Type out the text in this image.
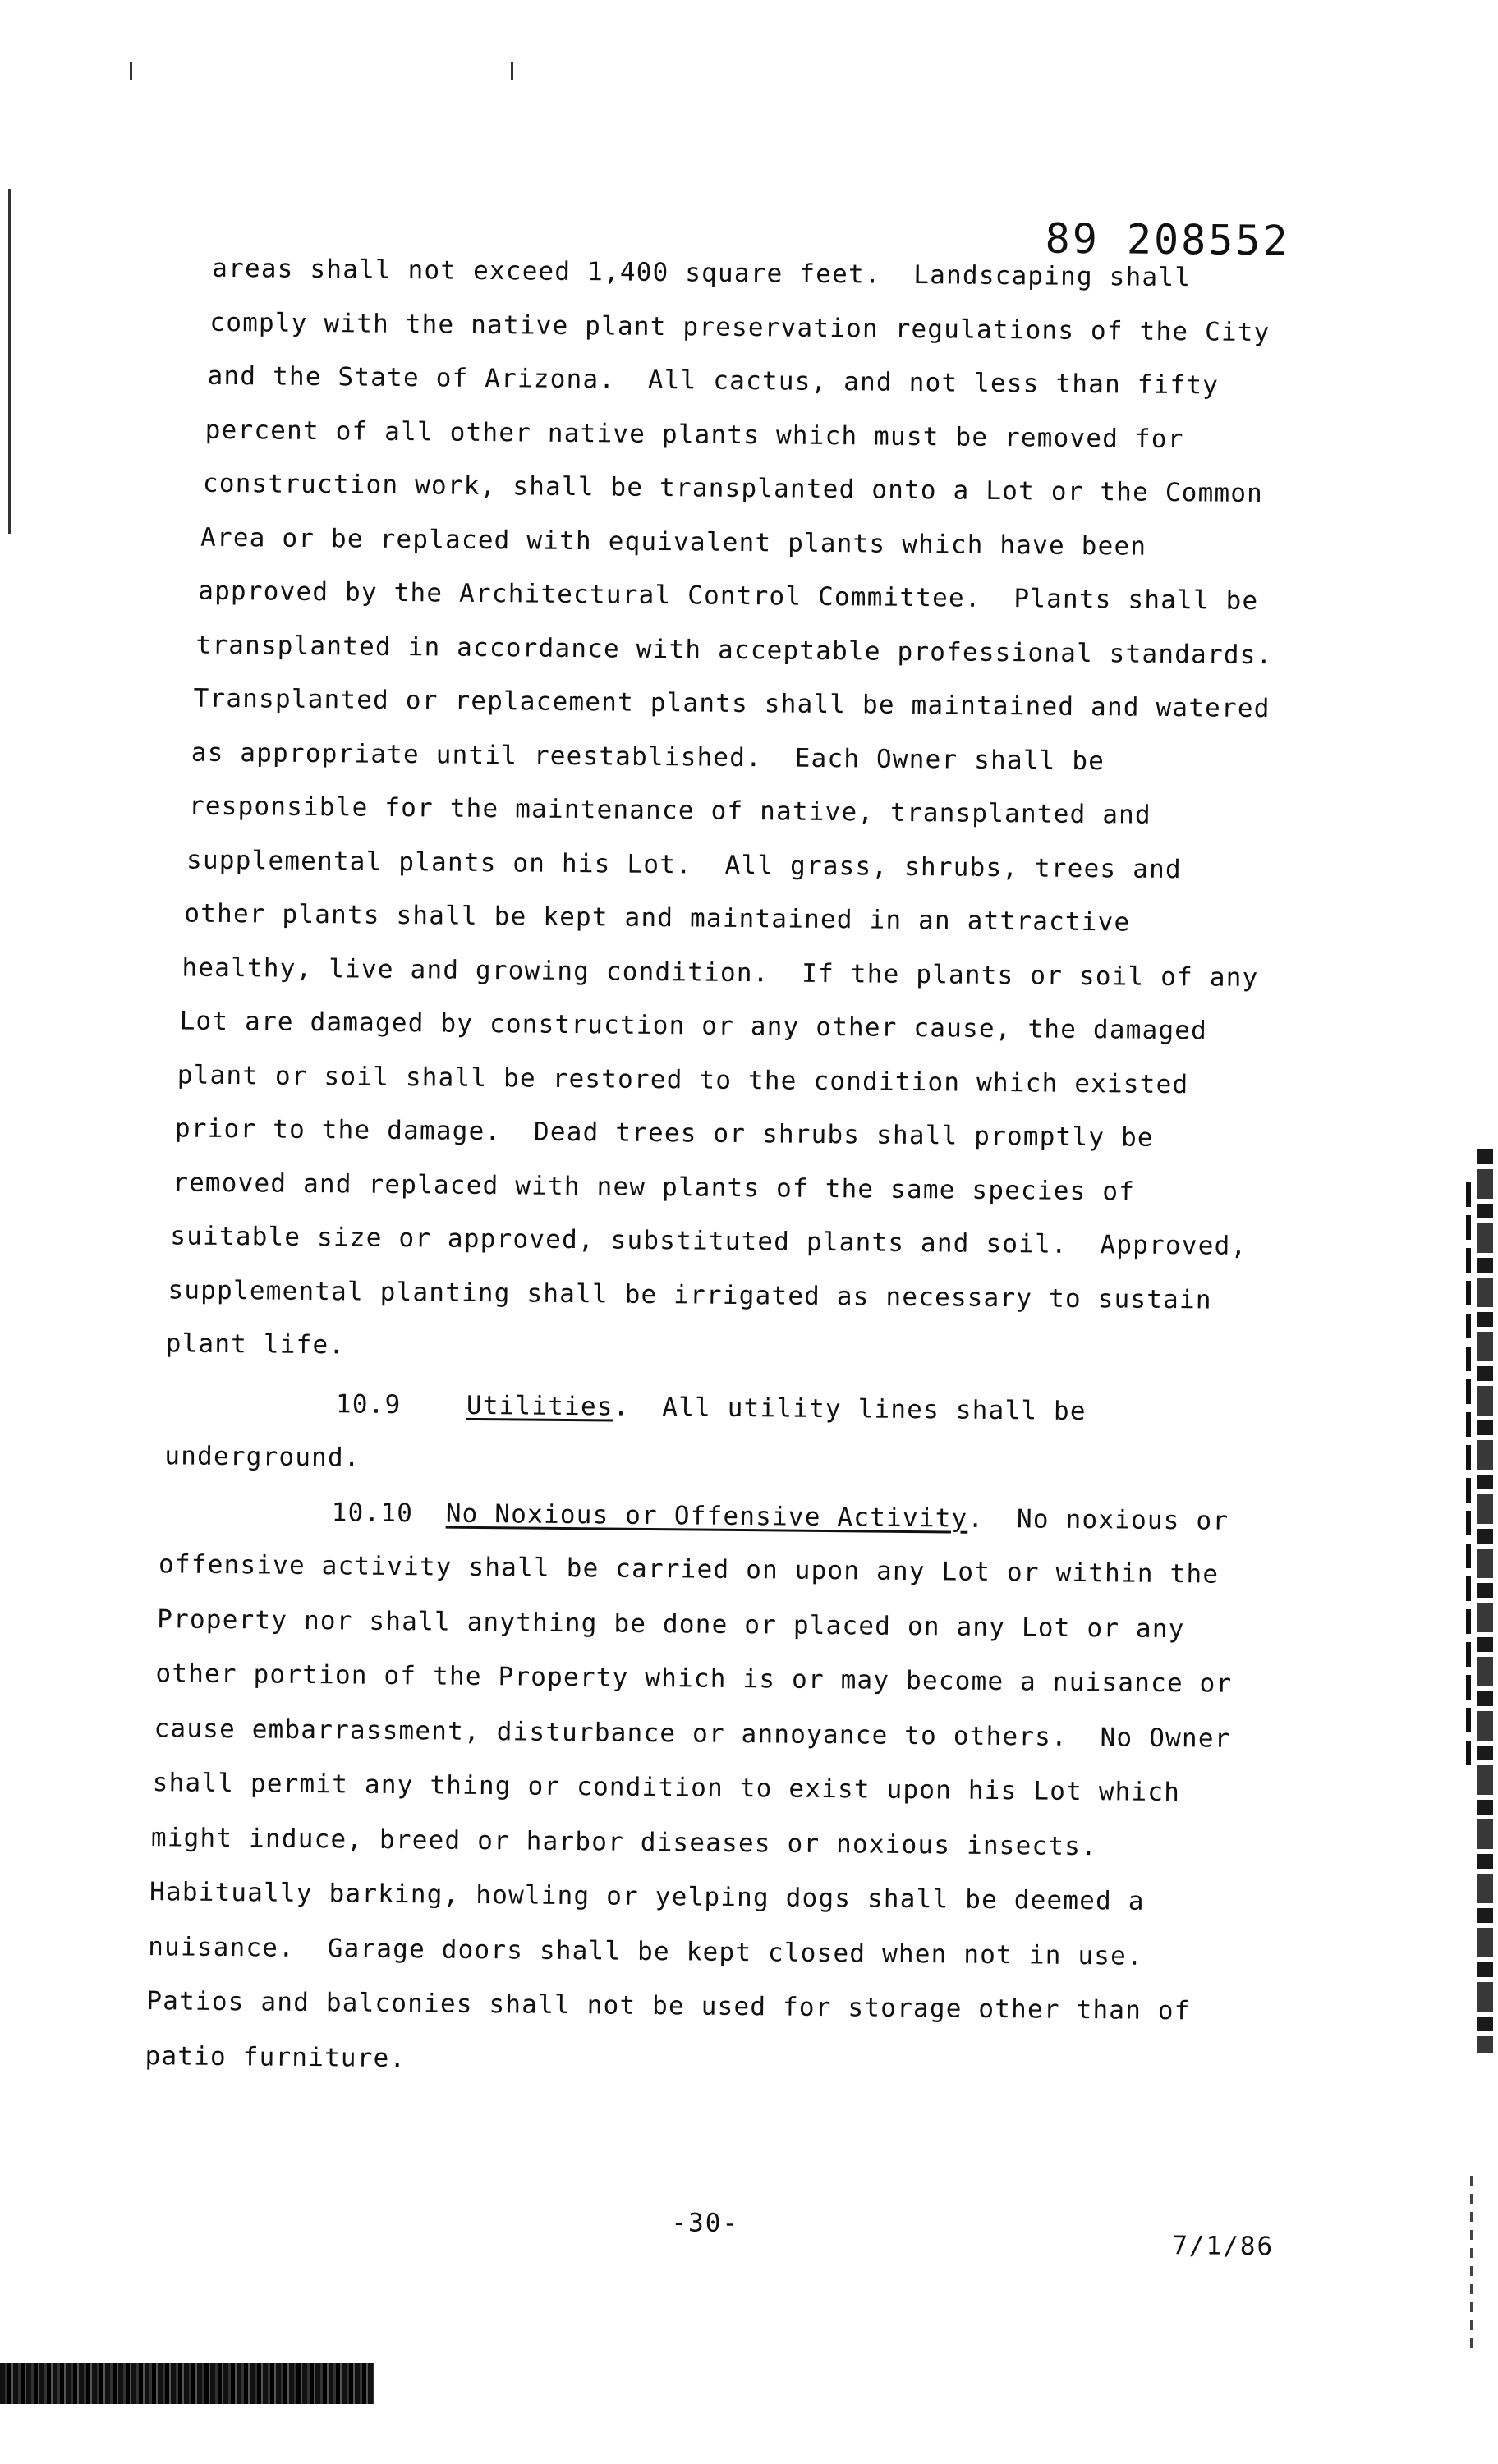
89 208552
areas shall not exceed 1,400 square feet.  Landscaping shall
comply with the native plant preservation regulations of the City
and the State of Arizona.  All cactus, and not less than fifty
percent of all other native plants which must be removed for
construction work, shall be transplanted onto a Lot or the Common
Area or be replaced with equivalent plants which have been
approved by the Architectural Control Committee.  Plants shall be
transplanted in accordance with acceptable professional standards.
Transplanted or replacement plants shall be maintained and watered
as appropriate until reestablished.  Each Owner shall be
responsible for the maintenance of native, transplanted and
supplemental plants on his Lot.  All grass, shrubs, trees and
other plants shall be kept and maintained in an attractive
healthy, live and growing condition.  If the plants or soil of any
Lot are damaged by construction or any other cause, the damaged
plant or soil shall be restored to the condition which existed
prior to the damage.  Dead trees or shrubs shall promptly be
removed and replaced with new plants of the same species of
suitable size or approved, substituted plants and soil.  Approved,
supplemental planting shall be irrigated as necessary to sustain
plant life.
10.9	Utilities. All utility lines shall be
underground.
10.10 No Noxious or Offensive Activity. No noxious or
offensive activity shall be carried on upon any Lot or within the
Property nor shall anything be done or placed on any Lot or any
other portion of the Property which is or may become a nuisance or
cause embarrassment, disturbance or annoyance to others.  No Owner
shall permit any thing or condition to exist upon his Lot which
might induce, breed or harbor diseases or noxious insects.
Habitually barking, howling or yelping dogs shall be deemed a
nuisance.  Garage doors shall be kept closed when not in use.
Patios and balconies shall not be used for storage other than of
patio furniture.
-30-
7/1/86
